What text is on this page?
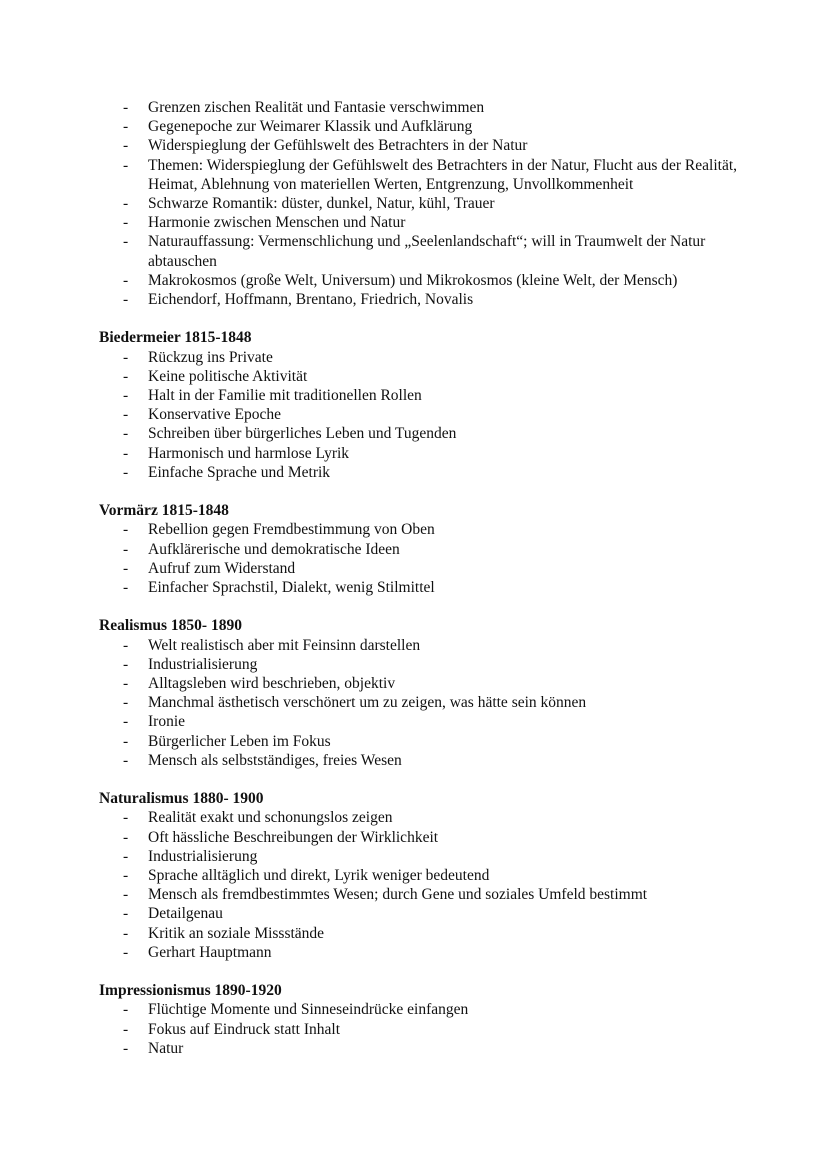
- Grenzen zischen Realität und Fantasie verschwimmen
- Gegenepoche zur Weimarer Klassik und Aufklärung
- Widerspieglung der Gefühlswelt des Betrachters in der Natur
- Themen: Widerspieglung der Gefühlswelt des Betrachters in der Natur, Flucht aus der Realität, Heimat, Ablehnung von materiellen Werten, Entgrenzung, Unvollkommenheit
- Schwarze Romantik: düster, dunkel, Natur, kühl, Trauer
- Harmonie zwischen Menschen und Natur
- Naturauffassung: Vermenschlichung und „Seelenlandschaft“; will in Traumwelt der Natur abtauschen
- Makrokosmos (große Welt, Universum) und Mikrokosmos (kleine Welt, der Mensch)
- Eichendorf, Hoffmann, Brentano, Friedrich, Novalis
Biedermeier 1815-1848
- Rückzug ins Private
- Keine politische Aktivität
- Halt in der Familie mit traditionellen Rollen
- Konservative Epoche
- Schreiben über bürgerliches Leben und Tugenden
- Harmonisch und harmlose Lyrik
- Einfache Sprache und Metrik
Vormärz 1815-1848
- Rebellion gegen Fremdbestimmung von Oben
- Aufklärerische und demokratische Ideen
- Aufruf zum Widerstand
- Einfacher Sprachstil, Dialekt, wenig Stilmittel
Realismus 1850- 1890
- Welt realistisch aber mit Feinsinn darstellen
- Industrialisierung
- Alltagsleben wird beschrieben, objektiv
- Manchmal ästhetisch verschönert um zu zeigen, was hätte sein können
- Ironie
- Bürgerlicher Leben im Fokus
- Mensch als selbstständiges, freies Wesen
Naturalismus 1880- 1900
- Realität exakt und schonungslos zeigen
- Oft hässliche Beschreibungen der Wirklichkeit
- Industrialisierung
- Sprache alltäglich und direkt, Lyrik weniger bedeutend
- Mensch als fremdbestimmtes Wesen; durch Gene und soziales Umfeld bestimmt
- Detailgenau
- Kritik an soziale Missstände
- Gerhart Hauptmann
Impressionismus 1890-1920
- Flüchtige Momente und Sinneseindrücke einfangen
- Fokus auf Eindruck statt Inhalt
- Natur
